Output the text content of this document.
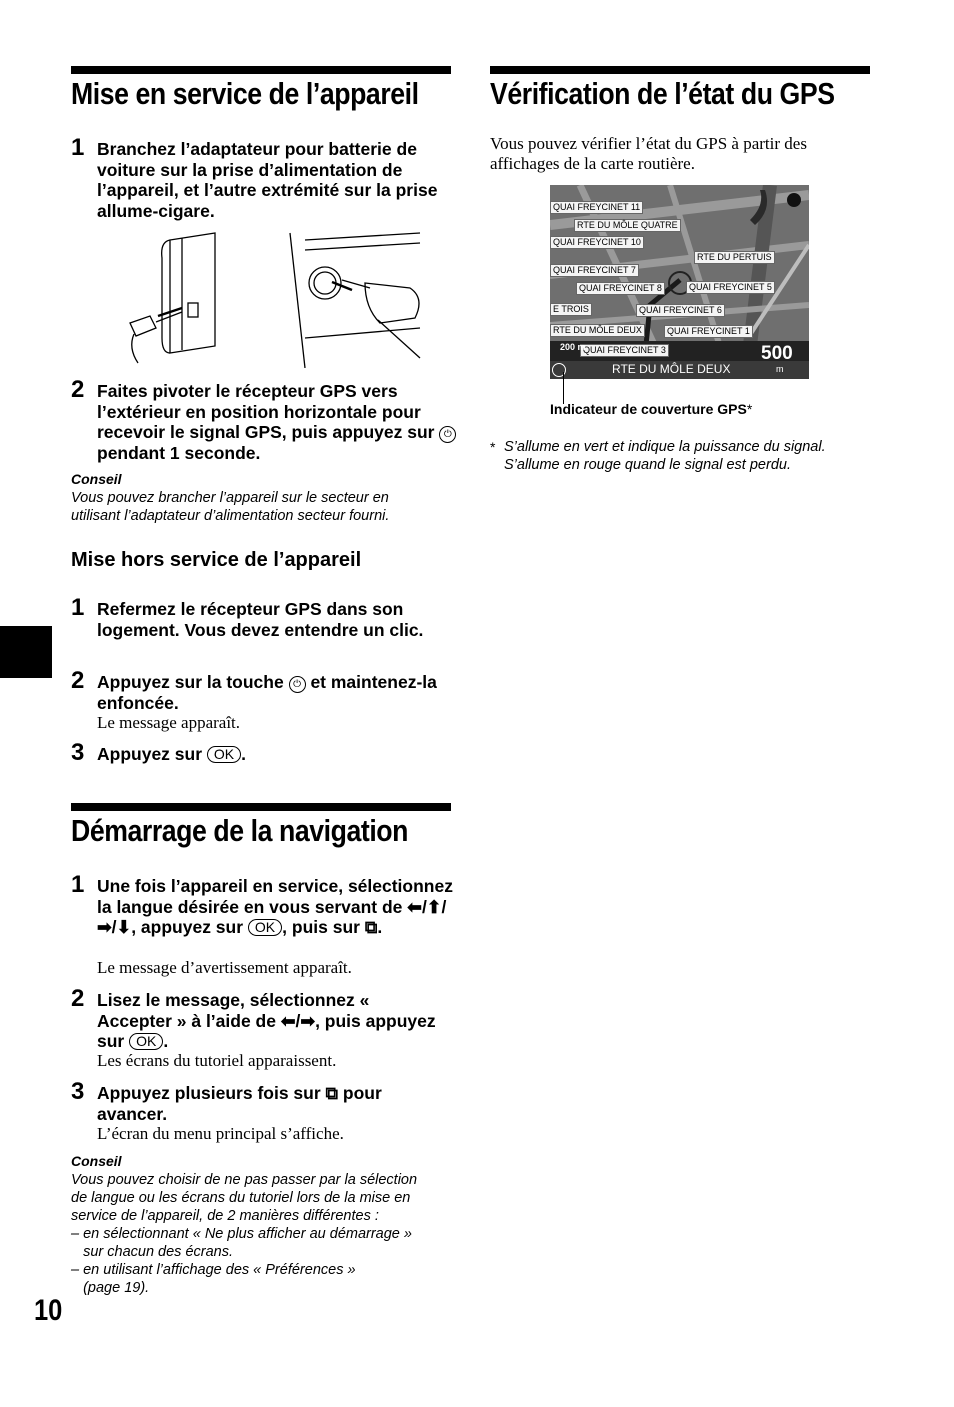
Mise en service de l’appareil
1 Branchez l’adaptateur pour batterie de voiture sur la prise d’alimentation de l’appareil, et l’autre extrémité sur la prise allume-cigare.
2 Faites pivoter le récepteur GPS vers l’extérieur en position horizontale pour recevoir le signal GPS, puis appuyez sur ⏻ pendant 1 seconde.
Conseil
Vous pouvez brancher l’appareil sur le secteur en utilisant l’adaptateur d’alimentation secteur fourni.
Mise hors service de l’appareil
1 Refermez le récepteur GPS dans son logement. Vous devez entendre un clic.
2 Appuyez sur la touche ⏻ et maintenez-la enfoncée.
Le message apparaît.
3 Appuyez sur OK .
Démarrage de la navigation
1 Une fois l’appareil en service, sélectionnez la langue désirée en vous servant de ⬅/⬆/➡/⬇, appuyez sur OK , puis sur ⧉.
Le message d’avertissement apparaît.
2 Lisez le message, sélectionnez « Accepter » à l’aide de ⬅/➡, puis appuyez sur OK .
Les écrans du tutoriel apparaissent.
3 Appuyez plusieurs fois sur ⧉ pour avancer.
L’écran du menu principal s’affiche.
Conseil
Vous pouvez choisir de ne pas passer par la sélection
de langue ou les écrans du tutoriel lors de la mise en
service de l’appareil, de 2 manières différentes :
– en sélectionnant « Ne plus afficher au démarrage »
sur chacun des écrans.
– en utilisant l’affichage des « Préférences »
(page 19).
10
Vérification de l’état du GPS
Vous pouvez vérifier l’état du GPS à partir des affichages de la carte routière.
QUAI FREYCINET 11
RTE DU MÔLE QUATRE
QUAI FREYCINET 10
RTE DU PERTUIS
QUAI FREYCINET 7
QUAI FREYCINET 8	QUAI FREYCINET 5
E TROIS	QUAI FREYCINET 6
RTE DU MÔLE DEUX	QUAI FREYCINET 1
QUAI FREYCINET 3
200 m
RTE DU MÔLE DEUX
500
m
Indicateur de couverture GPS*
* S’allume en vert et indique la puissance du signal.
S’allume en rouge quand le signal est perdu.
